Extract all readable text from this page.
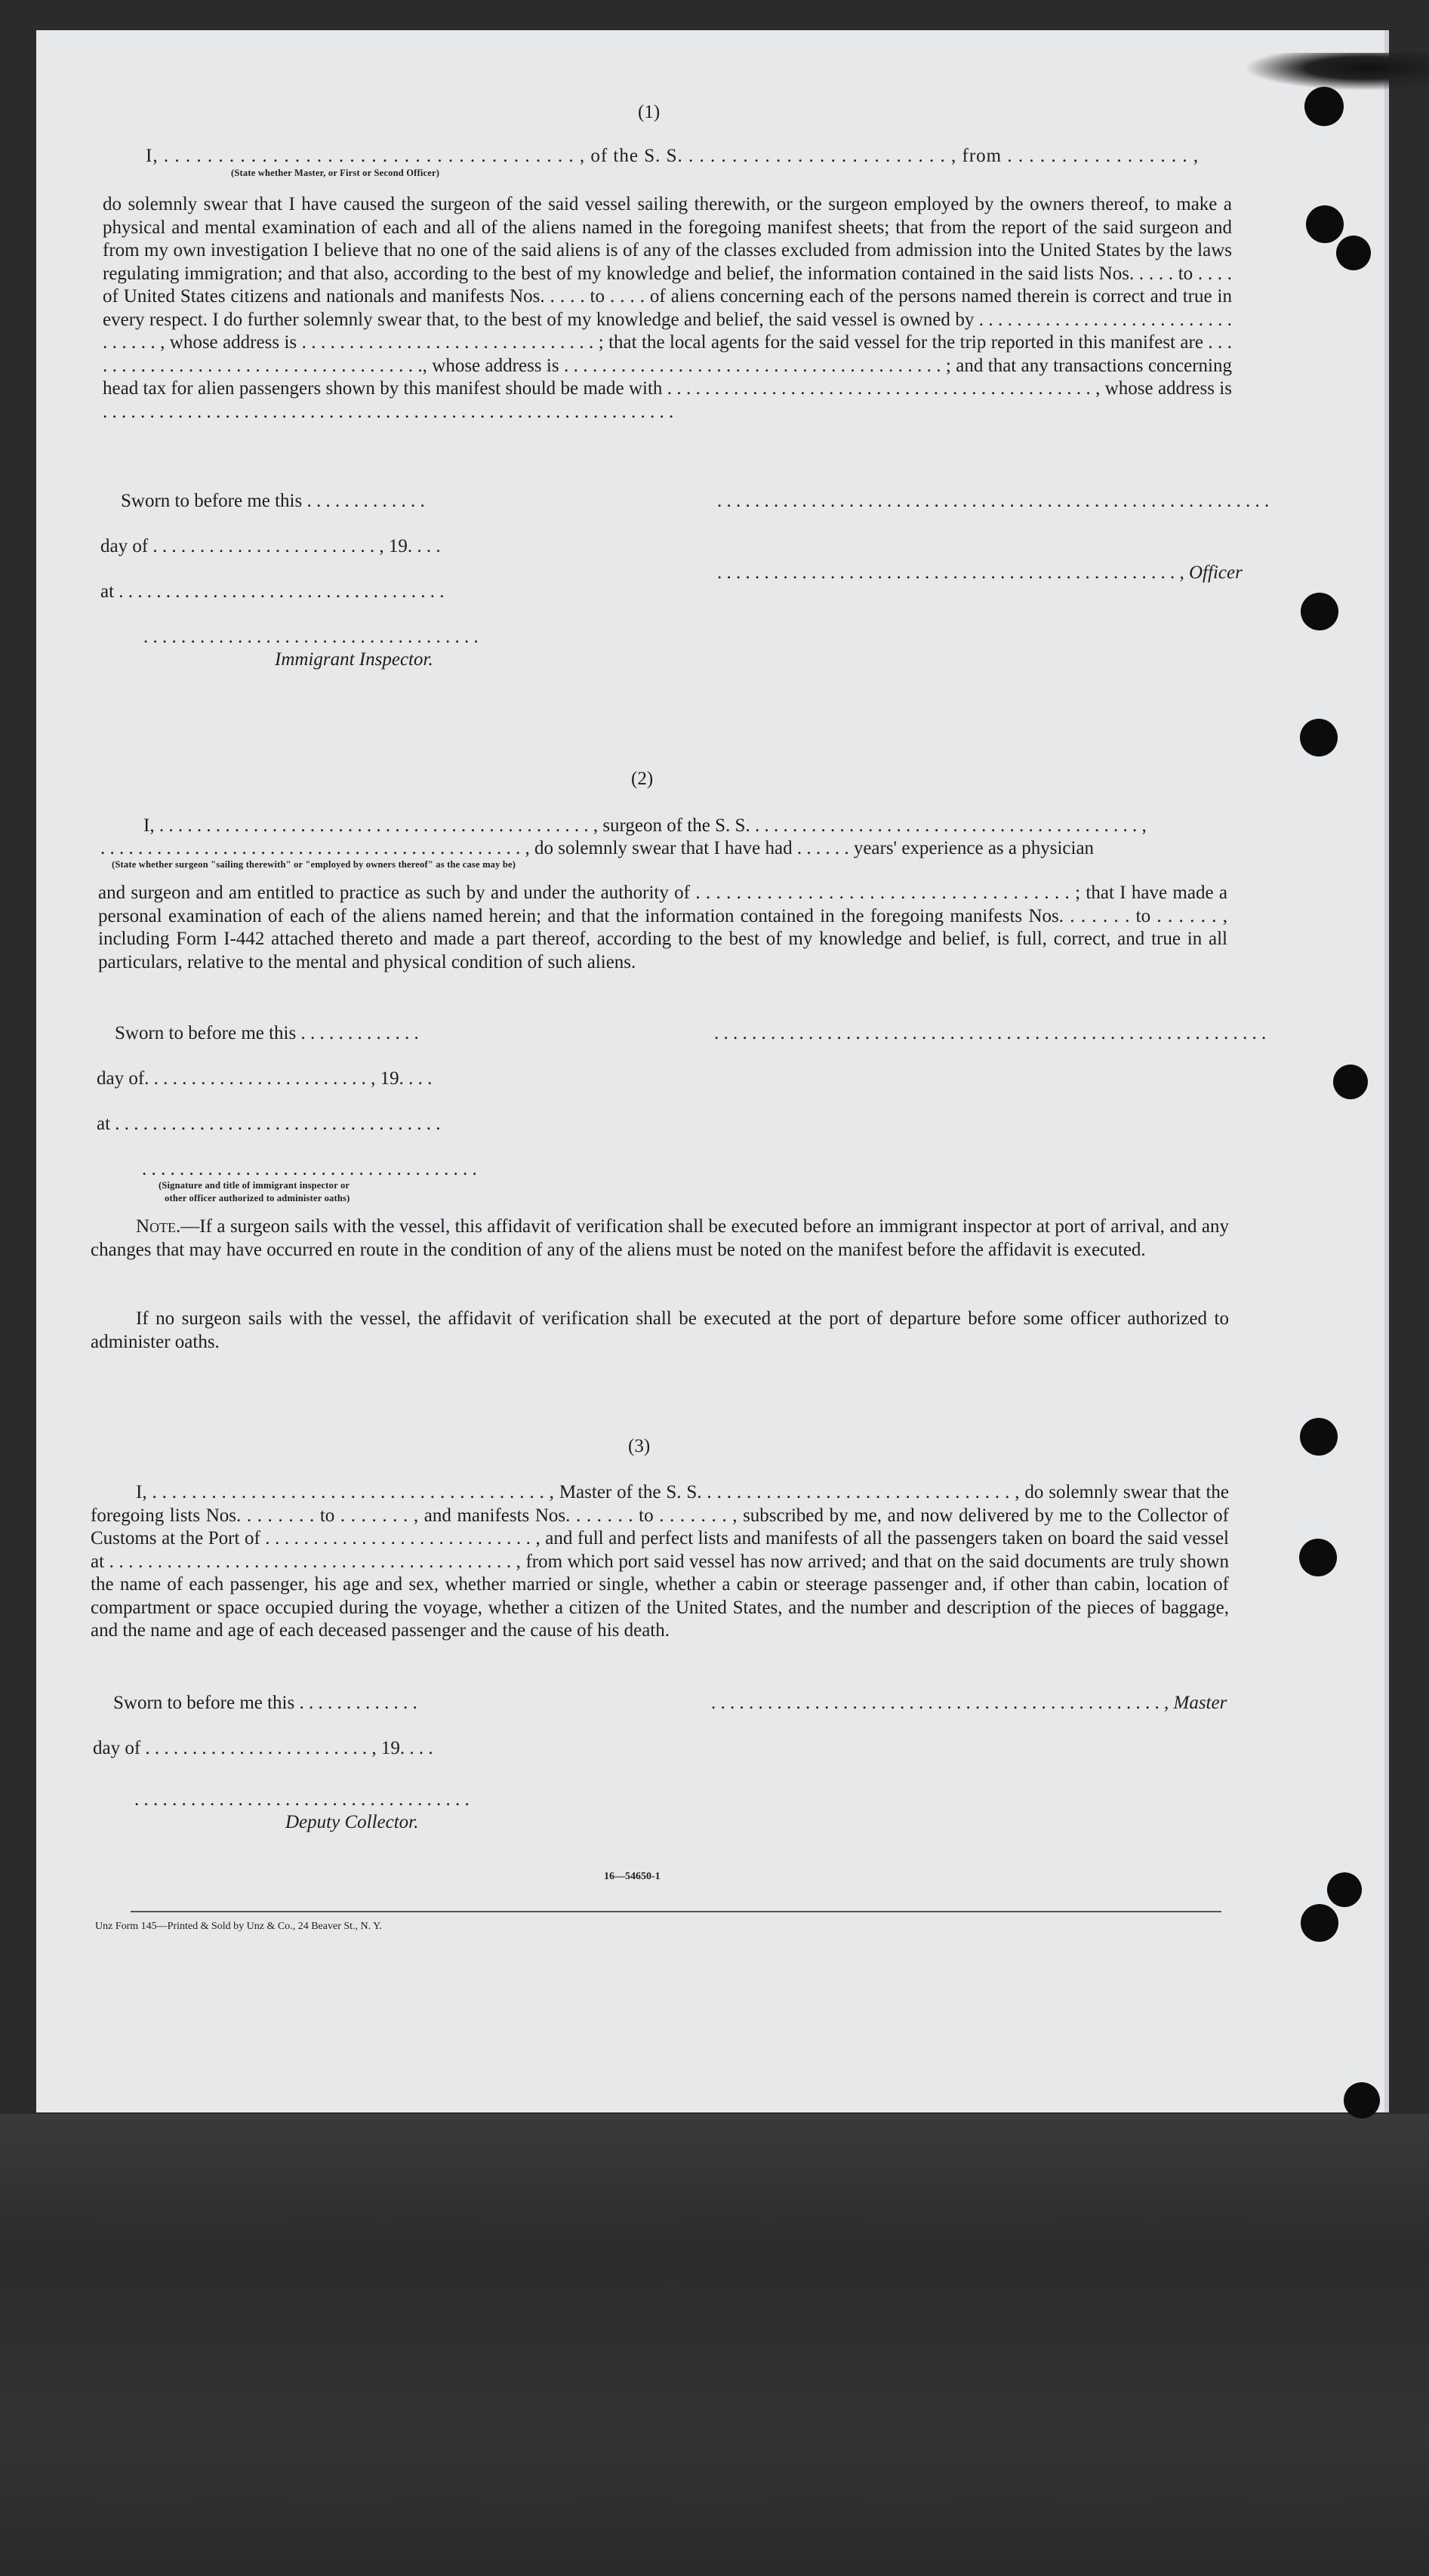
(1)
I, . . . . . . . . . . . . . . . . . . . . . . . . . . . . . . . . . . . . . . , of the S. S. . . . . . . . . . . . . . . . . . . . . . . . . , from . . . . . . . . . . . . . . . . . ,
(State whether Master, or First or Second Officer)
do solemnly swear that I have caused the surgeon of the said vessel sailing therewith, or the surgeon employed by the owners thereof, to make a physical and mental examination of each and all of the aliens named in the foregoing manifest sheets; that from the report of the said surgeon and from my own investigation I believe that no one of the said aliens is of any of the classes excluded from admission into the United States by the laws regulating immigration; and that also, according to the best of my knowledge and belief, the information contained in the said lists Nos. . . . . to . . . . of United States citizens and nationals and manifests Nos. . . . . to . . . . of aliens concerning each of the persons named therein is correct and true in every respect. I do further solemnly swear that, to the best of my knowledge and belief, the said vessel is owned by . . . . . . . . . . . . . . . . . . . . . . . . . . . . . . . . . , whose address is . . . . . . . . . . . . . . . . . . . . . . . . . . . . . . . ; that the local agents for the said vessel for the trip reported in this manifest are . . . . . . . . . . . . . . . . . . . . . . . . . . . . . . . . . . . . ., whose address is . . . . . . . . . . . . . . . . . . . . . . . . . . . . . . . . . . . . . . . . ; and that any transactions concerning head tax for alien passengers shown by this manifest should be made with . . . . . . . . . . . . . . . . . . . . . . . . . . . . . . . . . . . . . . . . . . . . . , whose address is . . . . . . . . . . . . . . . . . . . . . . . . . . . . . . . . . . . . . . . . . . . . . . . . . . . . . . . . . . . . .
Sworn to before me this . . . . . . . . . . . . .
day of . . . . . . . . . . . . . . . . . . . . . . . . , 19. . . .
at . . . . . . . . . . . . . . . . . . . . . . . . . . . . . . . . . . .
. . . . . . . . . . . . . . . . . . . . . . . . . . . . . . . . . . . .
Immigrant Inspector.
. . . . . . . . . . . . . . . . . . . . . . . . . . . . . . . . . . . . . . . . . . . . . . . . . . . . . . . . . . .
. . . . . . . . . . . . . . . . . . . . . . . . . . . . . . . . . . . . . . . . . . . . . . . . . , Officer
(2)
I, . . . . . . . . . . . . . . . . . . . . . . . . . . . . . . . . . . . . . . . . . . . . . . , surgeon of the S. S. . . . . . . . . . . . . . . . . . . . . . . . . . . . . . . . . . . . . . . . . . ,
. . . . . . . . . . . . . . . . . . . . . . . . . . . . . . . . . . . . . . . . . . . . . , do solemnly swear that I have had . . . . . . years' experience as a physician
(State whether surgeon "sailing therewith" or "employed by owners thereof" as the case may be)
and surgeon and am entitled to practice as such by and under the authority of . . . . . . . . . . . . . . . . . . . . . . . . . . . . . . . . . . . . . ; that I have made a personal examination of each of the aliens named herein; and that the information contained in the foregoing manifests Nos. . . . . . . to . . . . . . , including Form I-442 attached thereto and made a part thereof, according to the best of my knowledge and belief, is full, correct, and true in all particulars, relative to the mental and physical condition of such aliens.
Sworn to before me this . . . . . . . . . . . . .
day of. . . . . . . . . . . . . . . . . . . . . . . . , 19. . . .
at . . . . . . . . . . . . . . . . . . . . . . . . . . . . . . . . . . .
. . . . . . . . . . . . . . . . . . . . . . . . . . . . . . . . . . . .
(Signature and title of immigrant inspector or
other officer authorized to administer oaths)
. . . . . . . . . . . . . . . . . . . . . . . . . . . . . . . . . . . . . . . . . . . . . . . . . . . . . . . . . . .
Note.—If a surgeon sails with the vessel, this affidavit of verification shall be executed before an immigrant inspector at port of arrival, and any changes that may have occurred en route in the condition of any of the aliens must be noted on the manifest before the affidavit is executed.
If no surgeon sails with the vessel, the affidavit of verification shall be executed at the port of departure before some officer authorized to administer oaths.
(3)
I, . . . . . . . . . . . . . . . . . . . . . . . . . . . . . . . . . . . . . . . . , Master of the S. S. . . . . . . . . . . . . . . . . . . . . . . . . . . . . . . . , do solemnly swear that the foregoing lists Nos. . . . . . . . to . . . . . . . , and manifests Nos. . . . . . . to . . . . . . . , subscribed by me, and now delivered by me to the Collector of Customs at the Port of . . . . . . . . . . . . . . . . . . . . . . . . . . . . , and full and perfect lists and manifests of all the passengers taken on board the said vessel at . . . . . . . . . . . . . . . . . . . . . . . . . . . . . . . . . . . . . . . . . . , from which port said vessel has now arrived; and that on the said documents are truly shown the name of each passenger, his age and sex, whether married or single, whether a cabin or steerage passenger and, if other than cabin, location of compartment or space occupied during the voyage, whether a citizen of the United States, and the number and description of the pieces of baggage, and the name and age of each deceased passenger and the cause of his death.
Sworn to before me this . . . . . . . . . . . . .
day of . . . . . . . . . . . . . . . . . . . . . . . . , 19. . . .
. . . . . . . . . . . . . . . . . . . . . . . . . . . . . . . . . . . .
Deputy Collector.
. . . . . . . . . . . . . . . . . . . . . . . . . . . . . . . . . . . . . . . . . . . . . . . . , Master
16—54650-1
Unz Form 145—Printed & Sold by Unz & Co., 24 Beaver St., N. Y.
